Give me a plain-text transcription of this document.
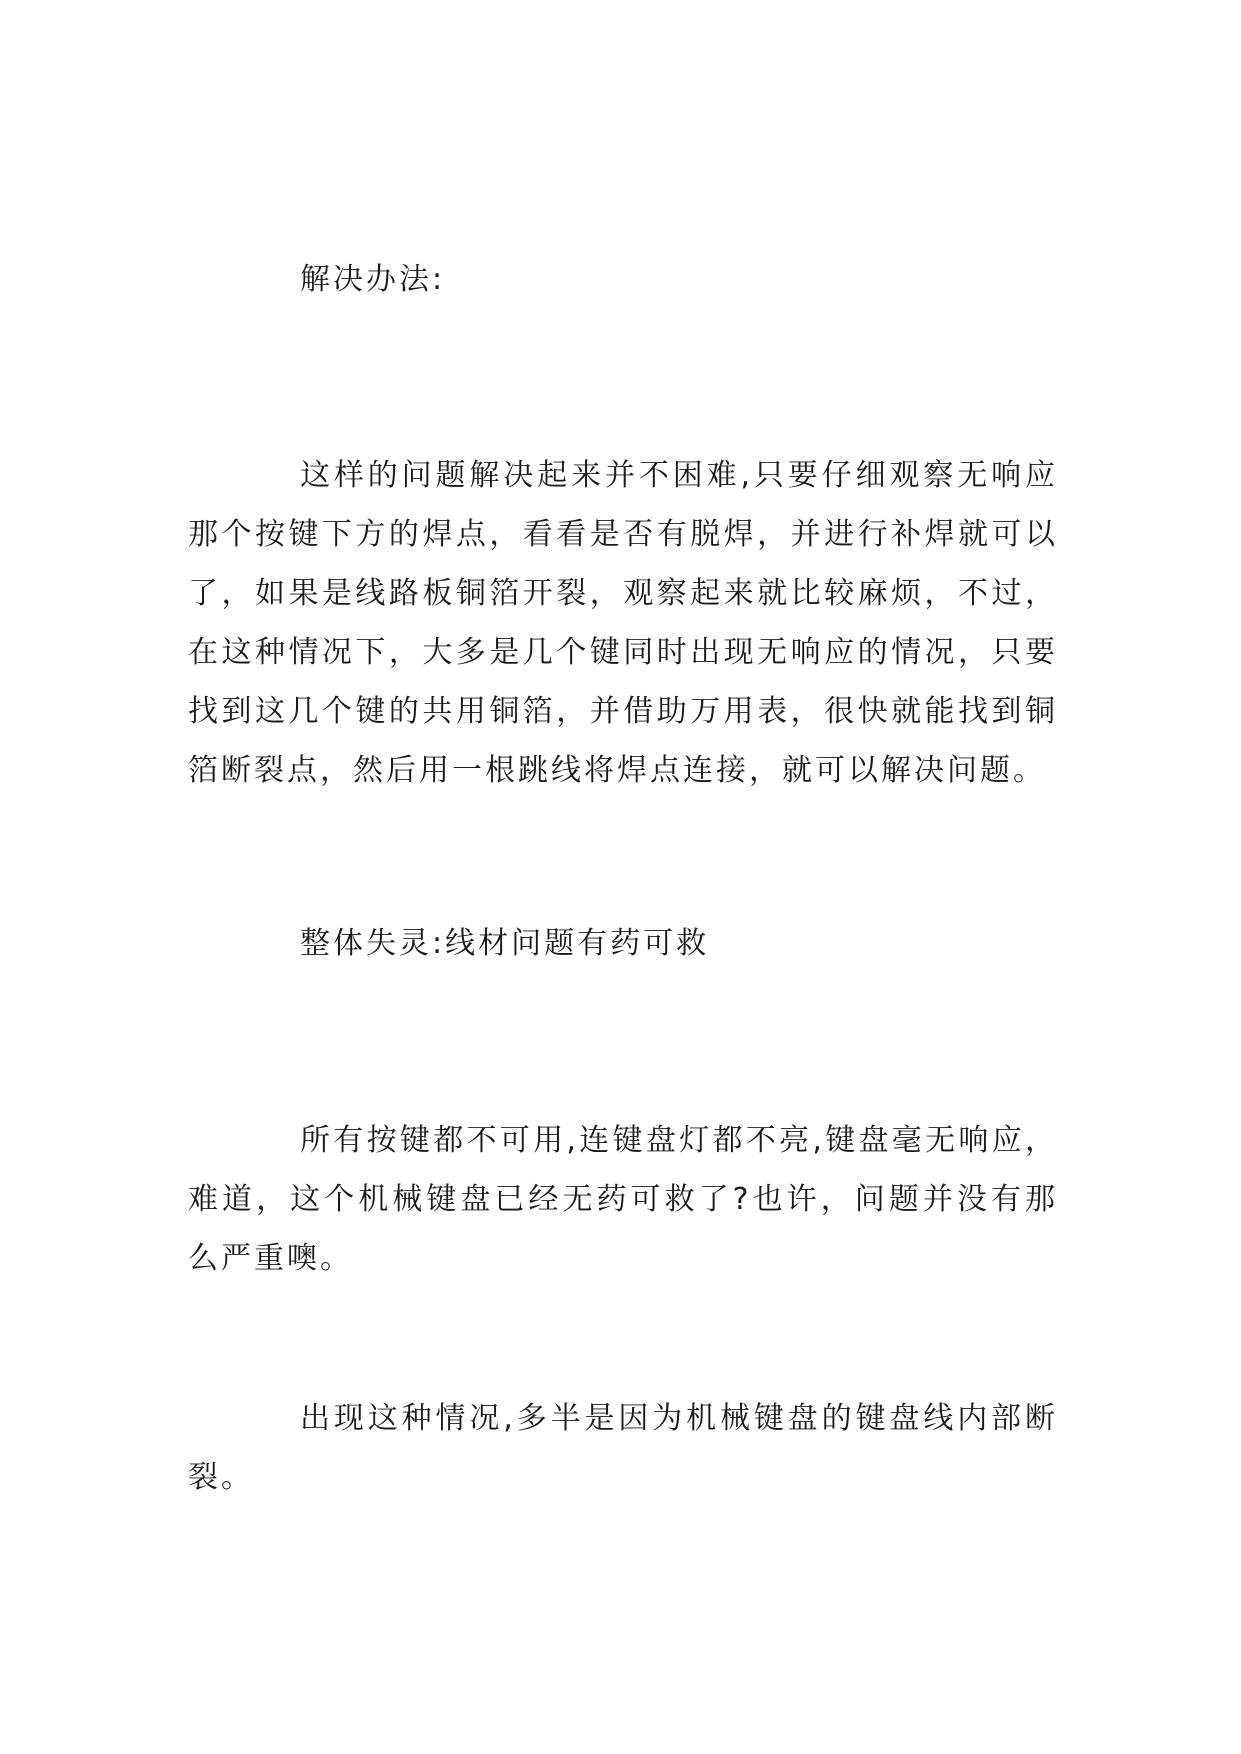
解决办法:

这样的问题解决起来并不困难,只要仔细观察无响应那个按键下方的焊点，看看是否有脱焊，并进行补焊就可以了，如果是线路板铜箔开裂，观察起来就比较麻烦，不过，在这种情况下，大多是几个键同时出现无响应的情况，只要找到这几个键的共用铜箔，并借助万用表，很快就能找到铜箔断裂点，然后用一根跳线将焊点连接，就可以解决问题。

整体失灵:线材问题有药可救

所有按键都不可用,连键盘灯都不亮,键盘毫无响应，难道，这个机械键盘已经无药可救了?也许，问题并没有那么严重噢。

出现这种情况,多半是因为机械键盘的键盘线内部断裂。
